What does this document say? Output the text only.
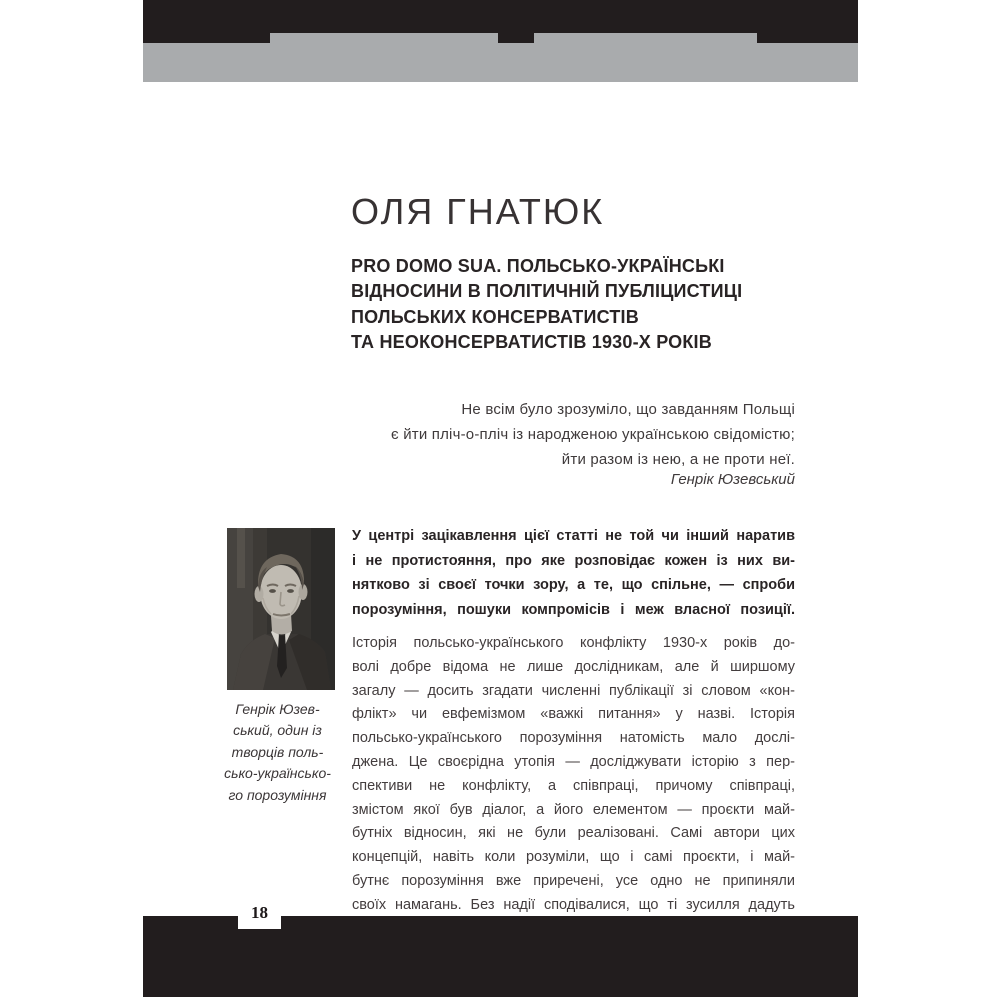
ОЛЯ ГНАТЮК
PRO DOMO SUA. ПОЛЬСЬКО-УКРАЇНСЬКІ
ВІДНОСИНИ В ПОЛІТИЧНІЙ ПУБЛІЦИСТИЦІ
ПОЛЬСЬКИХ КОНСЕРВАТИСТІВ
ТА НЕОКОНСЕРВАТИСТІВ 1930-Х РОКІВ
Не всім було зрозуміло, що завданням Польщі
є йти пліч-о-пліч із народженою українською свідомістю;
йти разом із нею, а не проти неї.
Генрік Юзевський
Генрік Юзев-
ський, один із
творців поль-
сько-українсько-
го порозуміння
У центрі зацікавлення цієї статті не той чи інший наратив
і не протистояння, про яке розповідає кожен із них ви-
нятково зі своєї точки зору, а те, що спільне, — спроби
порозуміння, пошуки компромісів і меж власної позиції.
Історія польсько-українського конфлікту 1930-х років до-
волі добре відома не лише дослідникам, але й ширшому
загалу — досить згадати численні публікації зі словом «кон-
флікт» чи евфемізмом «важкі питання» у назві. Історія
польсько-українського порозуміння натомість мало дослі-
джена. Це своєрідна утопія — досліджувати історію з пер-
спективи не конфлікту, а співпраці, причому співпраці,
змістом якої був діалог, а його елементом — проєкти май-
бутніх відносин, які не були реалізовані. Самі автори цих
концепцій, навіть коли розуміли, що і самі проєкти, і май-
бутнє порозуміння вже приречені, усе одно не припиняли
своїх намагань. Без надії сподівалися, що ті зусилля дадуть
18
